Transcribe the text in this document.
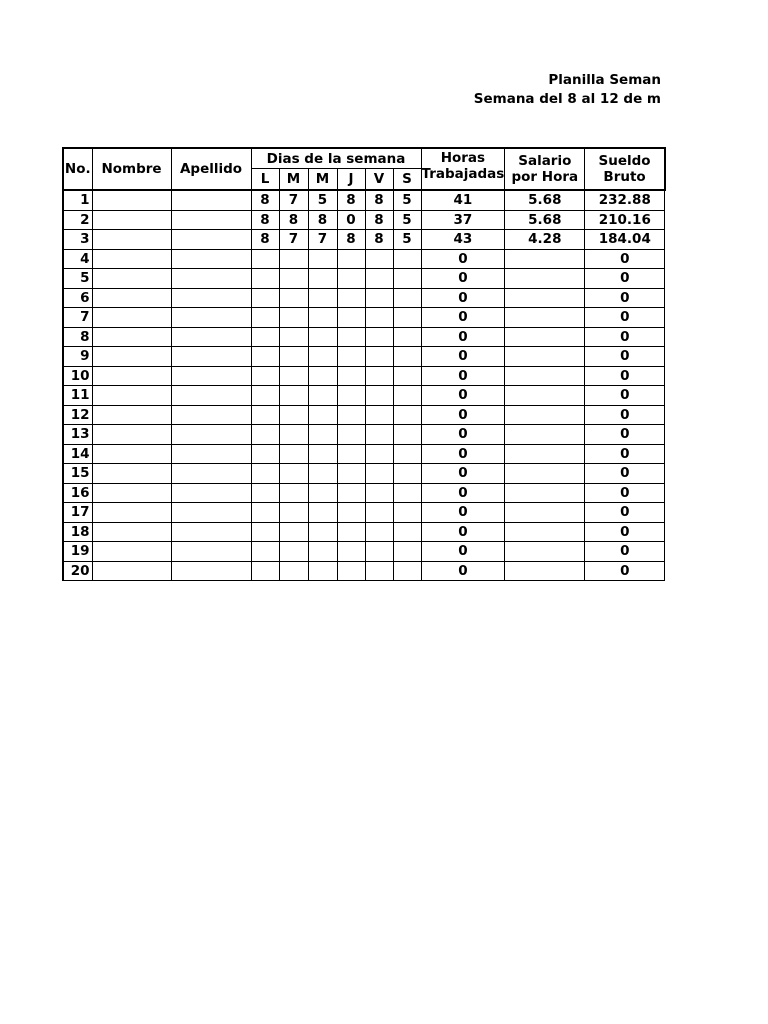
Planilla Seman
Semana del 8 al 12 de m
No.	Nombre	Apellido	Dias de la semana						Horas Trabajadas	Salario por Hora	Sueldo Bruto
			L	M	M	J	V	S			
1			8	7	5	8	8	5	41	5.68	232.88
2			8	8	8	0	8	5	37	5.68	210.16
3			8	7	7	8	8	5	43	4.28	184.04
4									0		0
5									0		0
6									0		0
7									0		0
8									0		0
9									0		0
10									0		0
11									0		0
12									0		0
13									0		0
14									0		0
15									0		0
16									0		0
17									0		0
18									0		0
19									0		0
20									0		0
